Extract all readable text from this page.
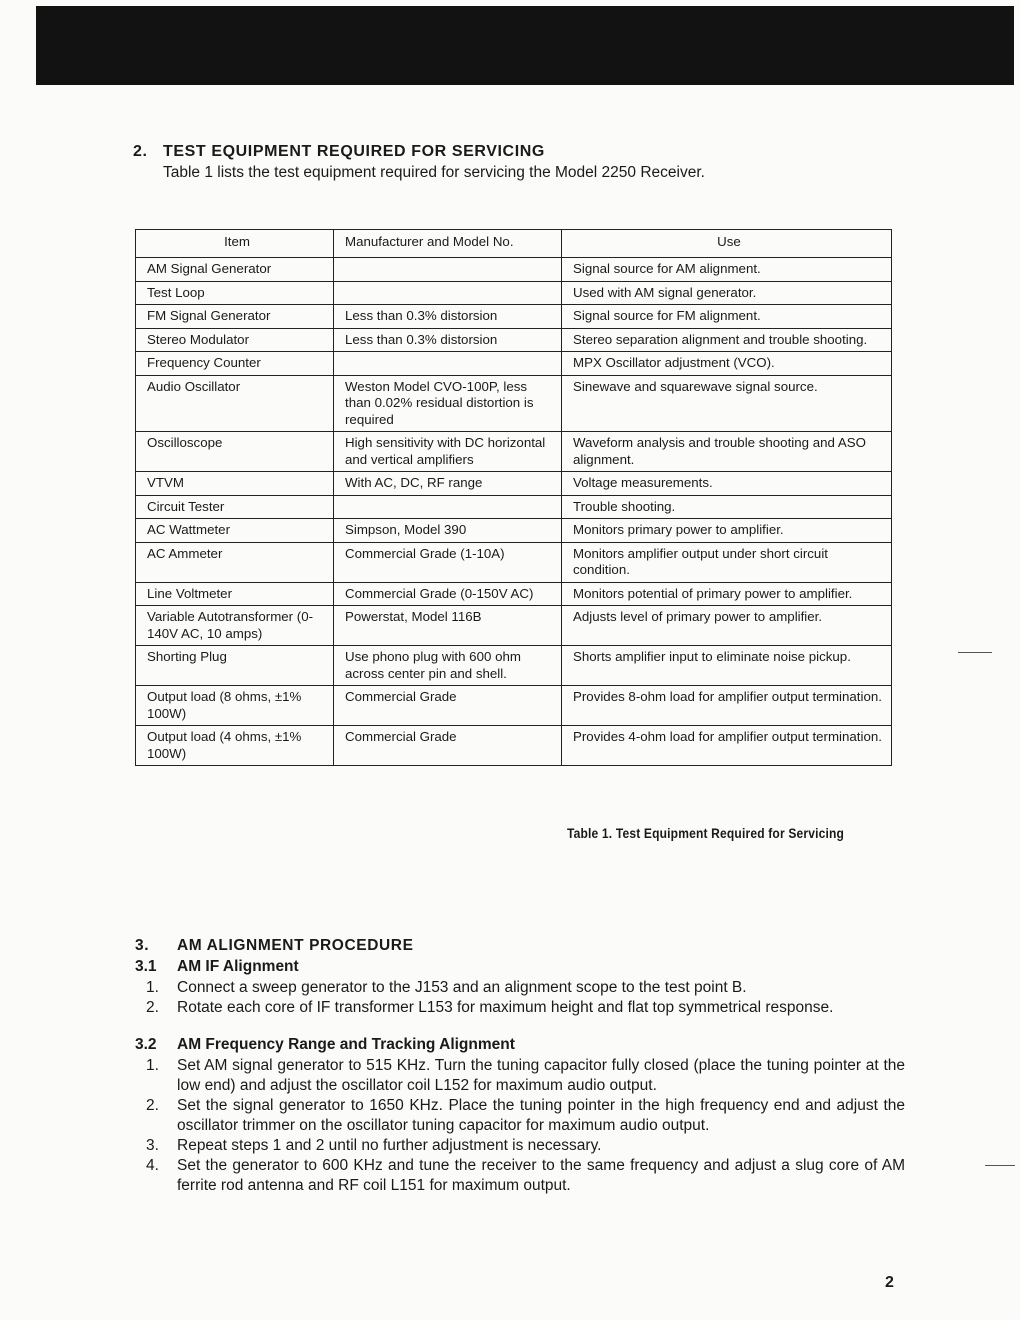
2. TEST EQUIPMENT REQUIRED FOR SERVICING
Table 1 lists the test equipment required for servicing the Model 2250 Receiver.
Item	Manufacturer and Model No.	Use
AM Signal Generator		Signal source for AM alignment.
Test Loop		Used with AM signal generator.
FM Signal Generator	Less than 0.3% distorsion	Signal source for FM alignment.
Stereo Modulator	Less than 0.3% distorsion	Stereo separation alignment and trouble shooting.
Frequency Counter		MPX Oscillator adjustment (VCO).
Audio Oscillator	Weston Model CVO-100P, less than 0.02% residual distortion is required	Sinewave and squarewave signal source.
Oscilloscope	High sensitivity with DC horizontal and vertical amplifiers	Waveform analysis and trouble shooting and ASO alignment.
VTVM	With AC, DC, RF range	Voltage measurements.
Circuit Tester		Trouble shooting.
AC Wattmeter	Simpson, Model 390	Monitors primary power to amplifier.
AC Ammeter	Commercial Grade (1-10A)	Monitors amplifier output under short circuit condition.
Line Voltmeter	Commercial Grade (0-150V AC)	Monitors potential of primary power to amplifier.
Variable Autotransformer (0-140V AC, 10 amps)	Powerstat, Model 116B	Adjusts level of primary power to amplifier.
Shorting Plug	Use phono plug with 600 ohm across center pin and shell.	Shorts amplifier input to eliminate noise pickup.
Output load (8 ohms, ±1% 100W)	Commercial Grade	Provides 8-ohm load for amplifier output termination.
Output load (4 ohms, ±1% 100W)	Commercial Grade	Provides 4-ohm load for amplifier output termination.
Table 1. Test Equipment Required for Servicing
3. AM ALIGNMENT PROCEDURE
3.1 AM IF Alignment
1. Connect a sweep generator to the J153 and an alignment scope to the test point B.
2. Rotate each core of IF transformer L153 for maximum height and flat top symmetrical response.
3.2 AM Frequency Range and Tracking Alignment
1. Set AM signal generator to 515 KHz. Turn the tuning capacitor fully closed (place the tuning pointer at the low end) and adjust the oscillator coil L152 for maximum audio output.
2. Set the signal generator to 1650 KHz. Place the tuning pointer in the high frequency end and adjust the oscillator trimmer on the oscillator tuning capacitor for maximum audio output.
3. Repeat steps 1 and 2 until no further adjustment is necessary.
4. Set the generator to 600 KHz and tune the receiver to the same frequency and adjust a slug core of AM ferrite rod antenna and RF coil L151 for maximum output.
2
